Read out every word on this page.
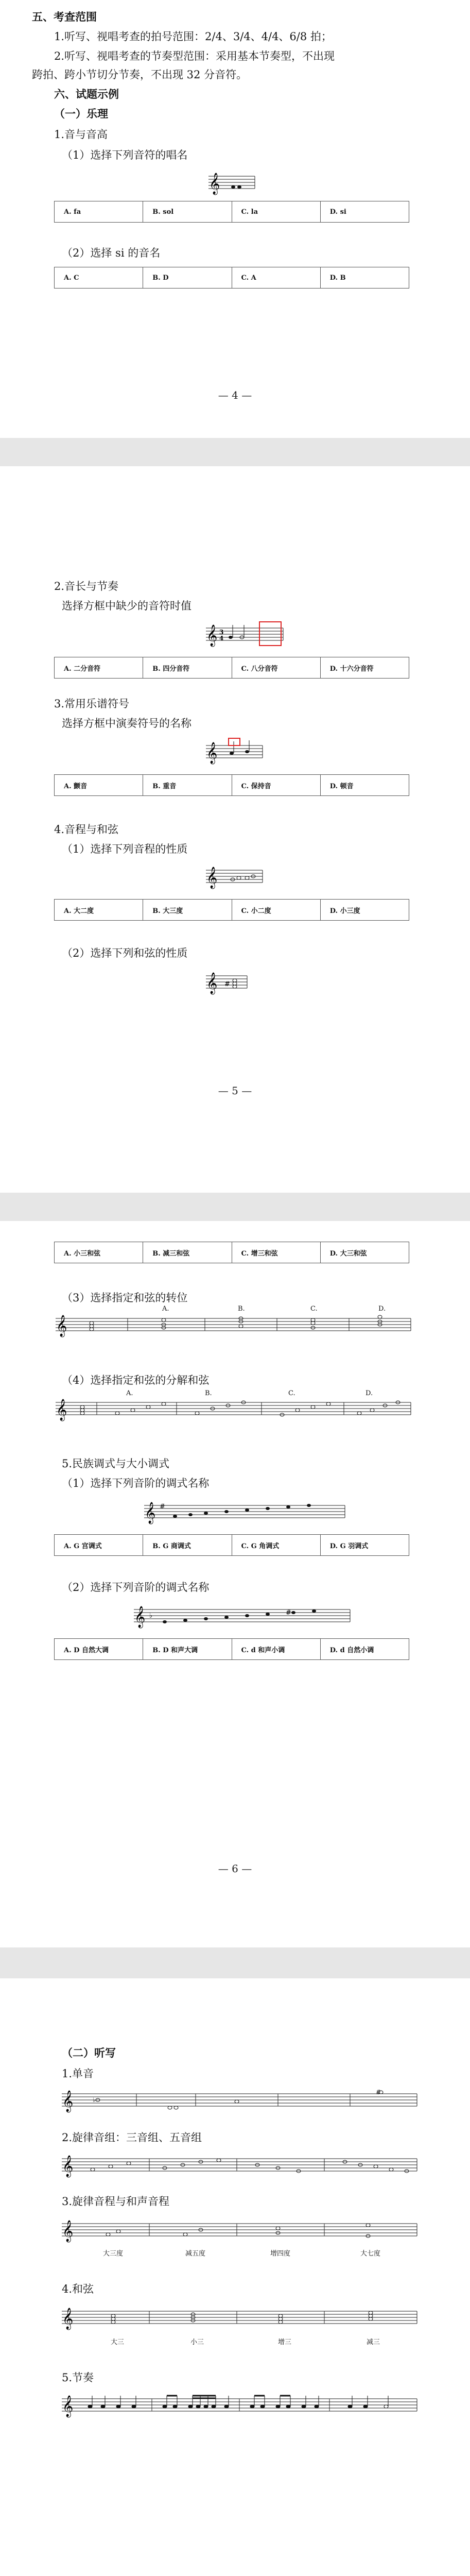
五、考查范围
1.听写、视唱考查的拍号范围：2/4、3/4、4/4、6/8 拍；
2.听写、视唱考查的节奏型范围：采用基本节奏型，不出现
跨拍、跨小节切分节奏，不出现 32 分音符。
六、试题示例
（一）乐理
1.音与音高
（1）选择下列音符的唱名
𝄞
A. fa	B. sol	C. la	D. si
（2）选择 si 的音名
A. C	B. D	C. A	D. B
— 4 —
2.音长与节奏
选择方框中缺少的音符时值
𝄞 3
4
A. 二分音符	B. 四分音符	C. 八分音符	D. 十六分音符
3.常用乐谱符号
选择方框中演奏符号的名称
𝄞
A. 颤音	B. 重音	C. 保持音	D. 顿音
4.音程与和弦
（1）选择下列音程的性质
𝄞
A. 大二度	B. 大三度	C. 小二度	D. 小三度
（2）选择下列和弦的性质
𝄞 #
— 5 —
A. 小三和弦	B. 减三和弦	C. 增三和弦	D. 大三和弦
（3）选择指定和弦的转位
𝄞
A.	B.	C.	D.
（4）选择指定和弦的分解和弦
𝄞
A.	B.	C.	D.
5.民族调式与大小调式
（1）选择下列音阶的调式名称
𝄞 #
A. G 宫调式	B. G 商调式	C. G 角调式	D. G 羽调式
（2）选择下列音阶的调式名称
𝄞 ♭	#
A. D 自然大调	B. D 和声大调	C. d 和声小调	D. d 自然小调
— 6 —
（二）听写
1.单音
𝄞	♭
#
2.旋律音组：三音组、五音组
𝄞
3.旋律音程与和声音程
𝄞
大三度	减五度	增四度	大七度
4.和弦
𝄞
大三	小三	增三	减三
5.节奏
𝄞
